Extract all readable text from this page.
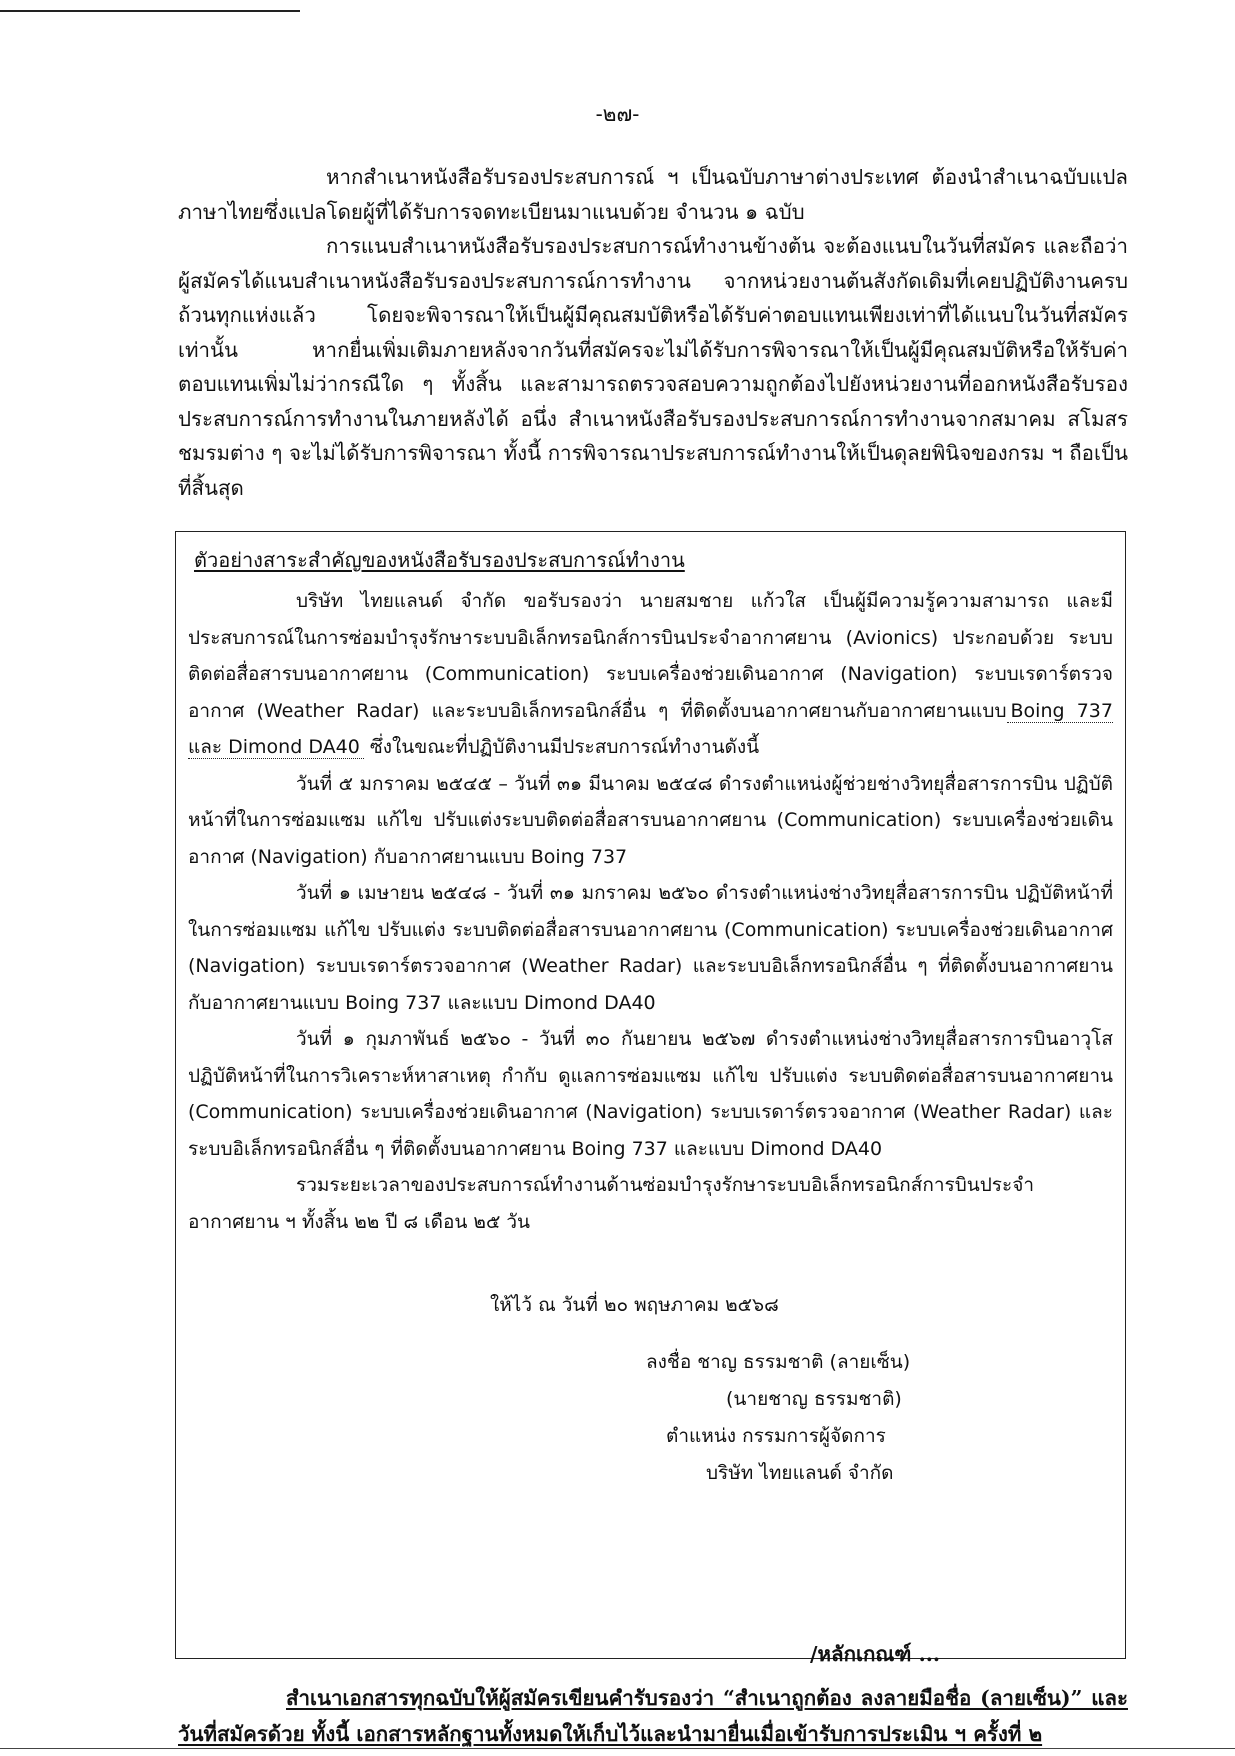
-๒๗-

หากสำเนาหนังสือรับรองประสบการณ์ ฯ เป็นฉบับภาษาต่างประเทศ ต้องนำสำเนาฉบับแปลภาษาไทยซึ่งแปลโดยผู้ที่ได้รับการจดทะเบียนมาแนบด้วย จำนวน ๑ ฉบับ

การแนบสำเนาหนังสือรับรองประสบการณ์ทำงานข้างต้น จะต้องแนบในวันที่สมัคร และถือว่าผู้สมัครได้แนบสำเนาหนังสือรับรองประสบการณ์การทำงาน จากหน่วยงานต้นสังกัดเดิมที่เคยปฏิบัติงานครบถ้วนทุกแห่งแล้ว โดยจะพิจารณาให้เป็นผู้มีคุณสมบัติหรือได้รับค่าตอบแทนเพียงเท่าที่ได้แนบในวันที่สมัครเท่านั้น หากยื่นเพิ่มเติมภายหลังจากวันที่สมัครจะไม่ได้รับการพิจารณาให้เป็นผู้มีคุณสมบัติหรือให้รับค่าตอบแทนเพิ่มไม่ว่ากรณีใด ๆ ทั้งสิ้น และสามารถตรวจสอบความถูกต้องไปยังหน่วยงานที่ออกหนังสือรับรองประสบการณ์การทำงานในภายหลังได้ อนึ่ง สำเนาหนังสือรับรองประสบการณ์การทำงานจากสมาคม สโมสร ชมรมต่าง ๆ จะไม่ได้รับการพิจารณา ทั้งนี้ การพิจารณาประสบการณ์ทำงานให้เป็นดุลยพินิจของกรม ฯ ถือเป็นที่สิ้นสุด

ตัวอย่างสาระสำคัญของหนังสือรับรองประสบการณ์ทำงาน

บริษัท ไทยแลนด์ จำกัด ขอรับรองว่า นายสมชาย แก้วใส เป็นผู้มีความรู้ความสามารถ และมีประสบการณ์ในการซ่อมบำรุงรักษาระบบอิเล็กทรอนิกส์การบินประจำอากาศยาน (Avionics) ประกอบด้วย ระบบติดต่อสื่อสารบนอากาศยาน (Communication) ระบบเครื่องช่วยเดินอากาศ (Navigation) ระบบเรดาร์ตรวจอากาศ (Weather Radar) และระบบอิเล็กทรอนิกส์อื่น ๆ ที่ติดตั้งบนอากาศยานกับอากาศยานแบบ Boing 737 และ Dimond DA40 ซึ่งในขณะที่ปฏิบัติงานมีประสบการณ์ทำงานดังนี้

วันที่ ๕ มกราคม ๒๕๔๕ – วันที่ ๓๑ มีนาคม ๒๕๔๘ ดำรงตำแหน่งผู้ช่วยช่างวิทยุสื่อสารการบิน ปฏิบัติหน้าที่ในการซ่อมแซม แก้ไข ปรับแต่งระบบติดต่อสื่อสารบนอากาศยาน (Communication) ระบบเครื่องช่วยเดินอากาศ (Navigation) กับอากาศยานแบบ Boing 737

วันที่ ๑ เมษายน ๒๕๔๘ - วันที่ ๓๑ มกราคม ๒๕๖๐ ดำรงตำแหน่งช่างวิทยุสื่อสารการบิน ปฏิบัติหน้าที่ในการซ่อมแซม แก้ไข ปรับแต่ง ระบบติดต่อสื่อสารบนอากาศยาน (Communication) ระบบเครื่องช่วยเดินอากาศ (Navigation) ระบบเรดาร์ตรวจอากาศ (Weather Radar) และระบบอิเล็กทรอนิกส์อื่น ๆ ที่ติดตั้งบนอากาศยาน กับอากาศยานแบบ Boing 737 และแบบ Dimond DA40

วันที่ ๑ กุมภาพันธ์ ๒๕๖๐ - วันที่ ๓๐ กันยายน ๒๕๖๗ ดำรงตำแหน่งช่างวิทยุสื่อสารการบินอาวุโส ปฏิบัติหน้าที่ในการวิเคราะห์หาสาเหตุ กำกับ ดูแลการซ่อมแซม แก้ไข ปรับแต่ง ระบบติดต่อสื่อสารบนอากาศยาน (Communication) ระบบเครื่องช่วยเดินอากาศ (Navigation) ระบบเรดาร์ตรวจอากาศ (Weather Radar) และระบบอิเล็กทรอนิกส์อื่น ๆ ที่ติดตั้งบนอากาศยาน Boing 737 และแบบ Dimond DA40

รวมระยะเวลาของประสบการณ์ทำงานด้านซ่อมบำรุงรักษาระบบอิเล็กทรอนิกส์การบินประจำอากาศยาน ฯ ทั้งสิ้น ๒๒ ปี ๘ เดือน ๒๕ วัน

ให้ไว้ ณ วันที่ ๒๐ พฤษภาคม ๒๕๖๘
ลงชื่อ ชาญ ธรรมชาติ (ลายเซ็น)
(นายชาญ ธรรมชาติ)
ตำแหน่ง กรรมการผู้จัดการ
บริษัท ไทยแลนด์ จำกัด

สำเนาเอกสารทุกฉบับให้ผู้สมัครเขียนคำรับรองว่า “สำเนาถูกต้อง ลงลายมือชื่อ (ลายเซ็น)” และวันที่สมัครด้วย ทั้งนี้ เอกสารหลักฐานทั้งหมดให้เก็บไว้และนำมายื่นเมื่อเข้ารับการประเมิน ฯ ครั้งที่ ๒

/หลักเกณฑ์ ...
